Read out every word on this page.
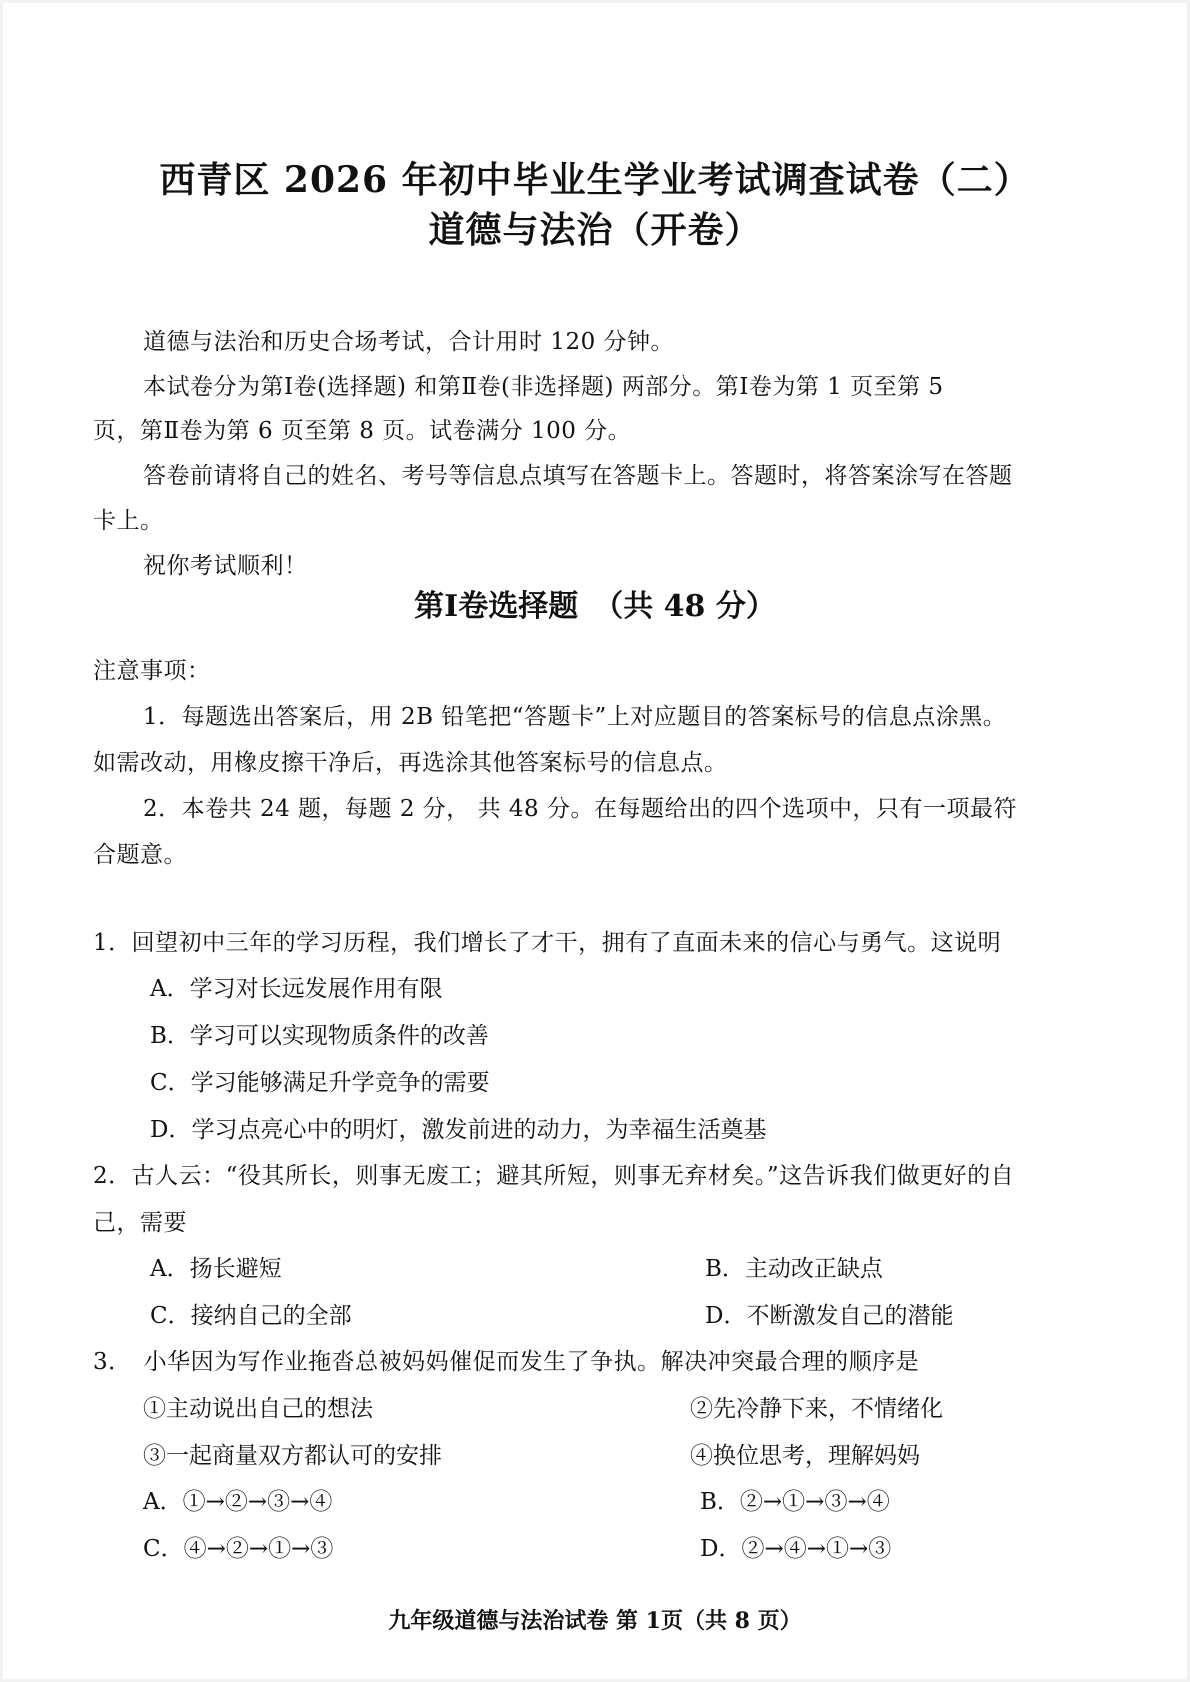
西青区 2026 年初中毕业生学业考试调查试卷（二）
道德与法治（开卷）
道德与法治和历史合场考试，合计用时 120 分钟。
本试卷分为第Ⅰ卷(选择题) 和第Ⅱ卷(非选择题) 两部分。第Ⅰ卷为第 1 页至第 5
页，第Ⅱ卷为第 6 页至第 8 页。试卷满分 100 分。
答卷前请将自己的姓名、考号等信息点填写在答题卡上。答题时，将答案涂写在答题
卡上。
祝你考试顺利！
第Ⅰ卷选择题　（共 48 分）
注意事项：
1．每题选出答案后，用 2B 铅笔把“答题卡”上对应题目的答案标号的信息点涂黑。
如需改动，用橡皮擦干净后，再选涂其他答案标号的信息点。
2．本卷共 24 题，每题 2 分， 共 48 分。在每题给出的四个选项中，只有一项最符
合题意。
1．回望初中三年的学习历程，我们增长了才干，拥有了直面未来的信心与勇气。这说明
A．学习对长远发展作用有限
B．学习可以实现物质条件的改善
C．学习能够满足升学竞争的需要
D．学习点亮心中的明灯，激发前进的动力，为幸福生活奠基
2．古人云：“役其所长，则事无废工；避其所短，则事无弃材矣。”这告诉我们做更好的自
己，需要
A．扬长避短	B．主动改正缺点
C．接纳自己的全部	D．不断激发自己的潜能
3．　小华因为写作业拖沓总被妈妈催促而发生了争执。解决冲突最合理的顺序是
①主动说出自己的想法	②先冷静下来，不情绪化
③一起商量双方都认可的安排	④换位思考，理解妈妈
A．①→②→③→④	B．②→①→③→④
C．④→②→①→③	D．②→④→①→③
九年级道德与法治试卷 第 1页（共 8 页）
